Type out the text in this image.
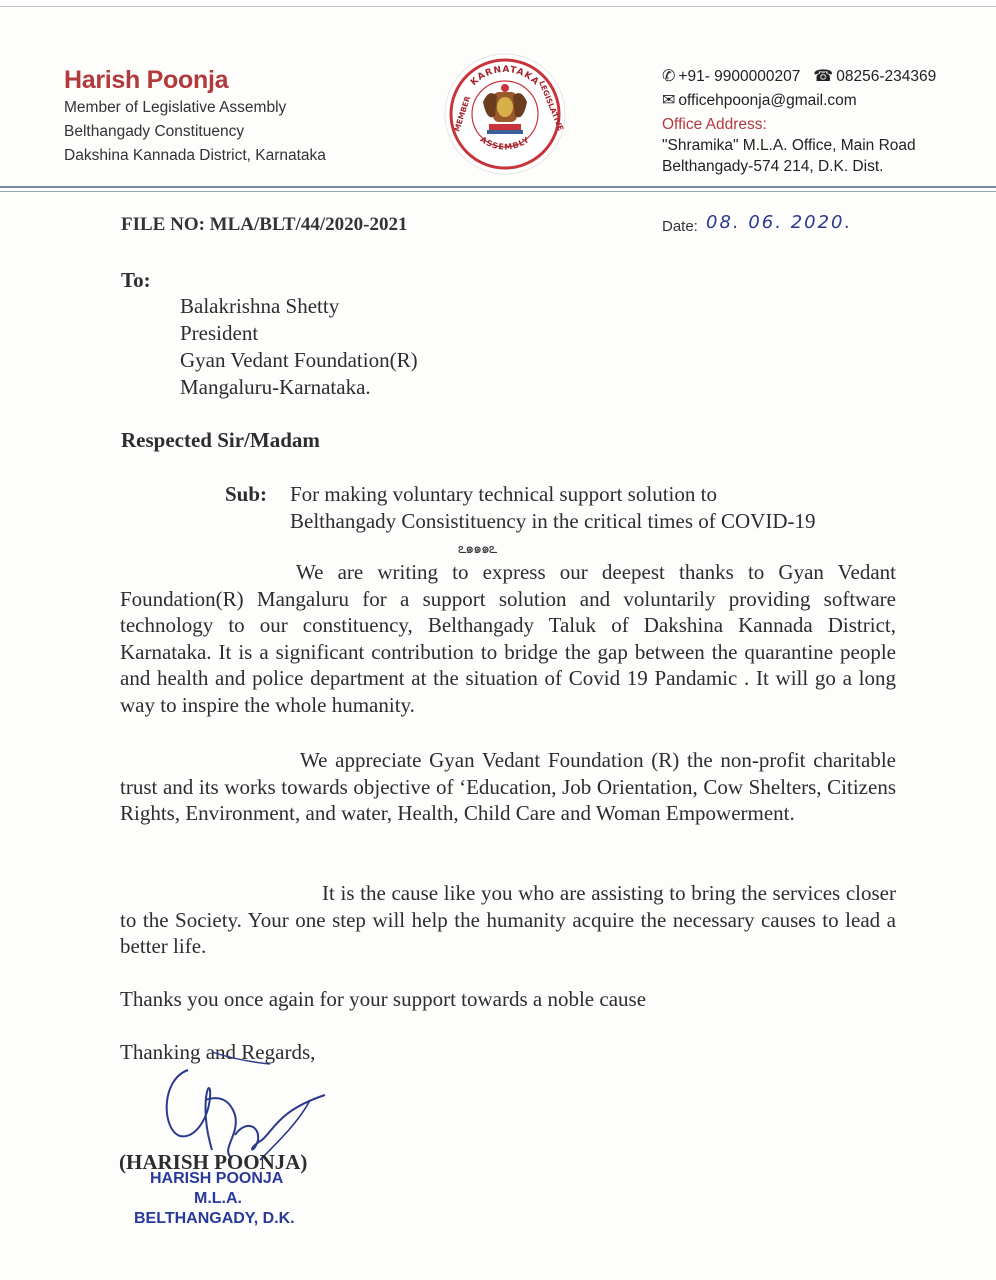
Harish Poonja
Member of Legislative Assembly
Belthangady Constituency
Dakshina Kannada District, Karnataka
KARNATAKA
ASSEMBLY
MEMBER	LEGISLATIVE
✆ +91- 9900000207 ☎ 08256-234369
✉ officehpoonja@gmail.com
Office Address:
"Shramika" M.L.A. Office, Main Road
Belthangady-574 214, D.K. Dist.
FILE NO: MLA/BLT/44/2020-2021	Date: 08. 06. 2020.
To:
Balakrishna Shetty
President
Gyan Vedant Foundation(R)
Mangaluru-Karnataka.
Respected Sir/Madam
Sub: For making voluntary technical support solution to
Belthangady Consistituency in the critical times of COVID-19
ఽ๑๑๑ఽ

We are writing to express our deepest thanks to Gyan Vedant Foundation(R) Mangaluru for a support solution and voluntarily providing software technology to our constituency, Belthangady Taluk of Dakshina Kannada District, Karnataka. It is a significant contribution to bridge the gap between the quarantine people and health and police department at the situation of Covid 19 Pandamic . It will go a long way to inspire the whole humanity.

We appreciate Gyan Vedant Foundation (R) the non-profit charitable trust and its works towards objective of ‘Education, Job Orientation, Cow Shelters, Citizens Rights, Environment, and water, Health, Child Care and Woman Empowerment.

It is the cause like you who are assisting to bring the services closer to the Society. Your one step will help the humanity acquire the necessary causes to lead a better life.

Thanks you once again for your support towards a noble cause
Thanking and Regards,
(HARISH POONJA)
HARISH POONJA
M.L.A.
BELTHANGADY, D.K.
